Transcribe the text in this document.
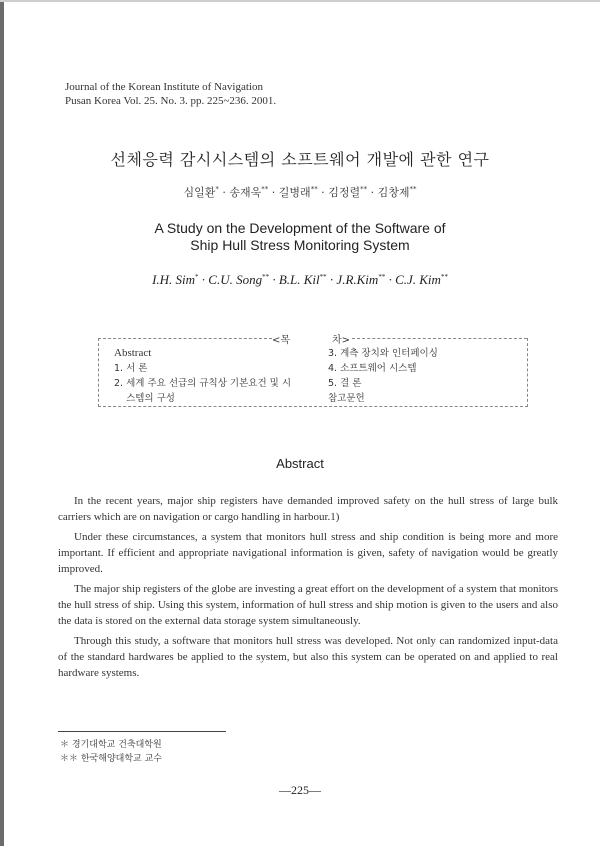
Journal of the Korean Institute of Navigation
Pusan Korea Vol. 25. No. 3. pp. 225~236. 2001.
선체응력 감시시스템의 소프트웨어 개발에 관한 연구
심일환* · 송재욱** · 길병래** · 김정렬** · 김창제**
A Study on the Development of the Software of
Ship Hull Stress Monitoring System
I.H. Sim* · C.U. Song** · B.L. Kil** · J.R.Kim** · C.J. Kim**
<목	차>
Abstract
1. 서 론
2. 세계 주요 선급의 규칙상 기본요건 및 시
스템의 구성
3. 계측 장치와 인터페이싱
4. 소프트웨어 시스템
5. 결 론
참고문헌
Abstract

In the recent years, major ship registers have demanded improved safety on the hull stress of large bulk carriers which are on navigation or cargo handling in harbour.1)

Under these circumstances, a system that monitors hull stress and ship condition is being more and more important. If efficient and appropriate navigational information is given, safety of navigation would be greatly improved.

The major ship registers of the globe are investing a great effort on the development of a system that monitors the hull stress of ship. Using this system, information of hull stress and ship motion is given to the users and also the data is stored on the external data storage system simultaneously.

Through this study, a software that monitors hull stress was developed. Not only can randomized input-data of the standard hardwares be applied to the system, but also this system can be operated on and applied to real hardware systems.

＊ 경기대학교 건축대학원
＊＊ 한국해양대학교 교수
—225—
